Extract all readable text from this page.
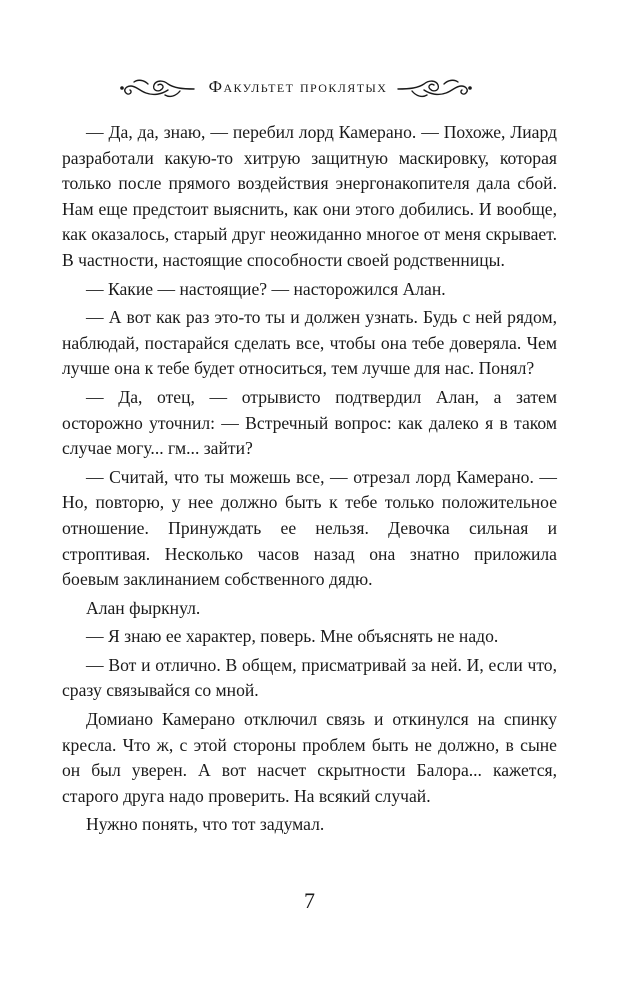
Факультет проклятых

— Да, да, знаю, — перебил лорд Камерано. — Похоже, Лиард разработали какую-то хитрую защитную маскировку, которая только после прямого воздействия энергонакопителя дала сбой. Нам еще предстоит выяснить, как они этого добились. И вообще, как оказалось, старый друг неожиданно многое от меня скрывает. В частности, настоящие способности своей родственницы.

— Какие — настоящие? — насторожился Алан.

— А вот как раз это-то ты и должен узнать. Будь с ней рядом, наблюдай, постарайся сделать все, чтобы она тебе доверяла. Чем лучше она к тебе будет относиться, тем лучше для нас. Понял?

— Да, отец, — отрывисто подтвердил Алан, а затем осторожно уточнил: — Встречный вопрос: как далеко я в таком случае могу... гм... зайти?

— Считай, что ты можешь все, — отрезал лорд Камерано. — Но, повторю, у нее должно быть к тебе только положительное отношение. Принуждать ее нельзя. Девочка сильная и строптивая. Несколько часов назад она знатно приложила боевым заклинанием собственного дядю.

Алан фыркнул.

— Я знаю ее характер, поверь. Мне объяснять не надо.

— Вот и отлично. В общем, присматривай за ней. И, если что, сразу связывайся со мной.

Домиано Камерано отключил связь и откинулся на спинку кресла. Что ж, с этой стороны проблем быть не должно, в сыне он был уверен. А вот насчет скрытности Балора... кажется, старого друга надо проверить. На всякий случай.

Нужно понять, что тот задумал.

7
